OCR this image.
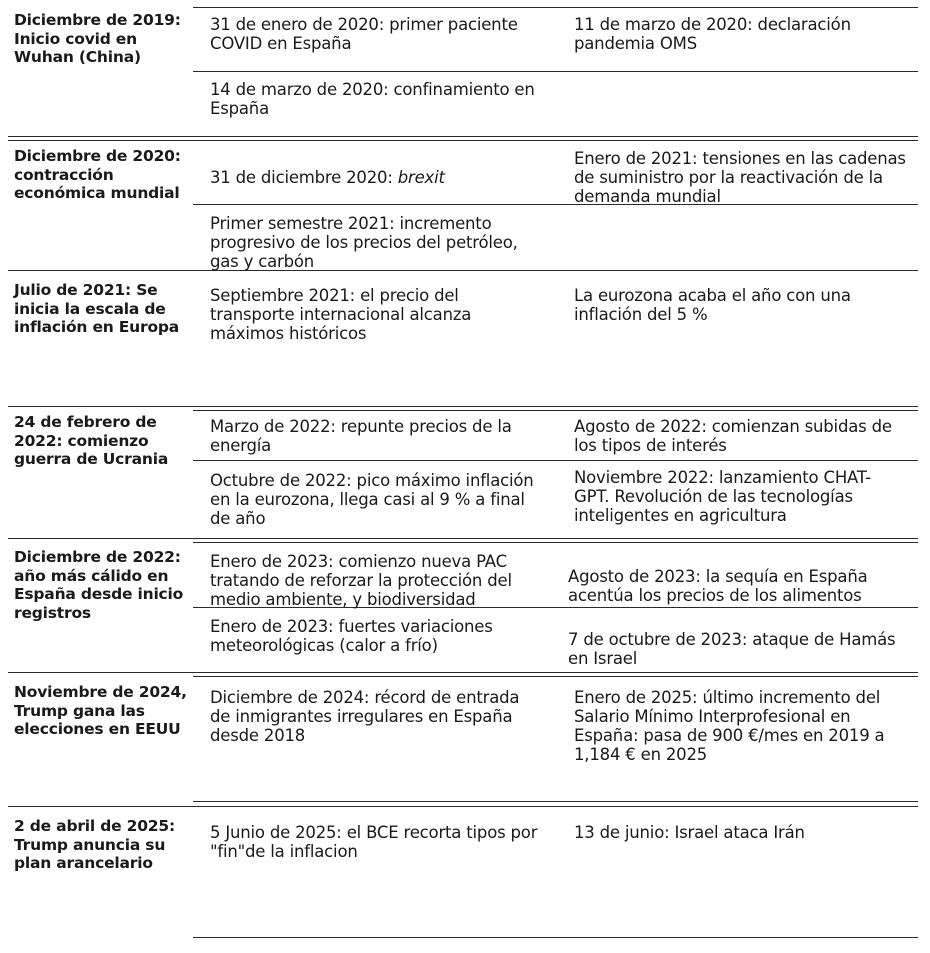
Diciembre de 2019: Inicio covid en Wuhan (China)
31 de enero de 2020: primer paciente COVID en España
11 de marzo de 2020: declaración pandemia OMS
14 de marzo de 2020: confinamiento en España
Diciembre de 2020: contracción económica mundial

31 de diciembre 2020: brexit

Enero de 2021: tensiones en las cadenas de suministro por la reactivación de la demanda mundial
Primer semestre 2021: incremento progresivo de los precios del petróleo, gas y carbón
Julio de 2021: Se inicia la escala de inflación en Europa
Septiembre 2021: el precio del transporte internacional alcanza máximos históricos
La eurozona acaba el año con una inflación del 5 %
24 de febrero de 2022: comienzo guerra de Ucrania
Marzo de 2022: repunte precios de la energía
Agosto de 2022: comienzan subidas de los tipos de interés
Octubre de 2022: pico máximo inflación en la eurozona, llega casi al 9 % a final de año
Noviembre 2022: lanzamiento CHAT-GPT. Revolución de las tecnologías inteligentes en agricultura
Diciembre de 2022: año más cálido en España desde inicio registros
Enero de 2023: comienzo nueva PAC tratando de reforzar la protección del medio ambiente, y biodiversidad
Agosto de 2023: la sequía en España acentúa los precios de los alimentos
Enero de 2023: fuertes variaciones meteorológicas (calor a frío)	7 de octubre de 2023: ataque de Hamás en Israel
Noviembre de 2024, Trump gana las elecciones en EEUU
Diciembre de 2024: récord de entrada de inmigrantes irregulares en España desde 2018
Enero de 2025: último incremento del Salario Mínimo Interprofesional en España: pasa de 900 €/mes en 2019 a 1,184 € en 2025
2 de abril de 2025: Trump anuncia su plan arancelario
5 Junio de 2025: el BCE recorta tipos por "fin"de la inflacion
13 de junio: Israel ataca Irán
